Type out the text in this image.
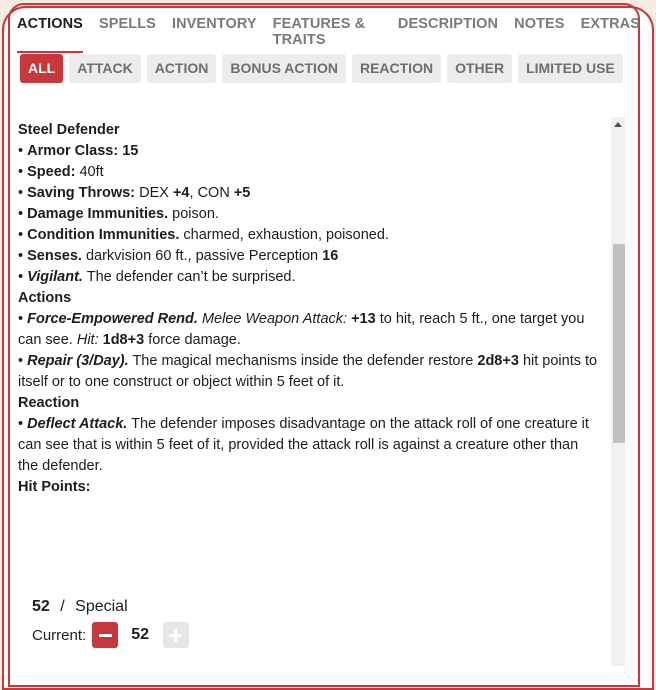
ACTIONS SPELLS INVENTORY FEATURES & TRAITS
DESCRIPTION NOTES EXTRAS
ALL	ATTACK	ACTION	BONUS ACTION	REACTION	OTHER	LIMITED USE

Steel Defender

• Armor Class: 15

• Speed: 40ft

• Saving Throws: DEX +4, CON +5

• Damage Immunities. poison.

• Condition Immunities. charmed, exhaustion, poisoned.

• Senses. darkvision 60 ft., passive Perception 16

• Vigilant. The defender can’t be surprised.

Actions

• Force-Empowered Rend. Melee Weapon Attack: +13 to hit, reach 5 ft., one target you can see. Hit: 1d8+3 force damage.

• Repair (3/Day). The magical mechanisms inside the defender restore 2d8+3 hit points to itself or to one construct or object within 5 feet of it.

Reaction

• Deflect Attack. The defender imposes disadvantage on the attack roll of one creature it can see that is within 5 feet of it, provided the attack roll is against a creature other than the defender.

Hit Points:

52 / Special
Current:	52
